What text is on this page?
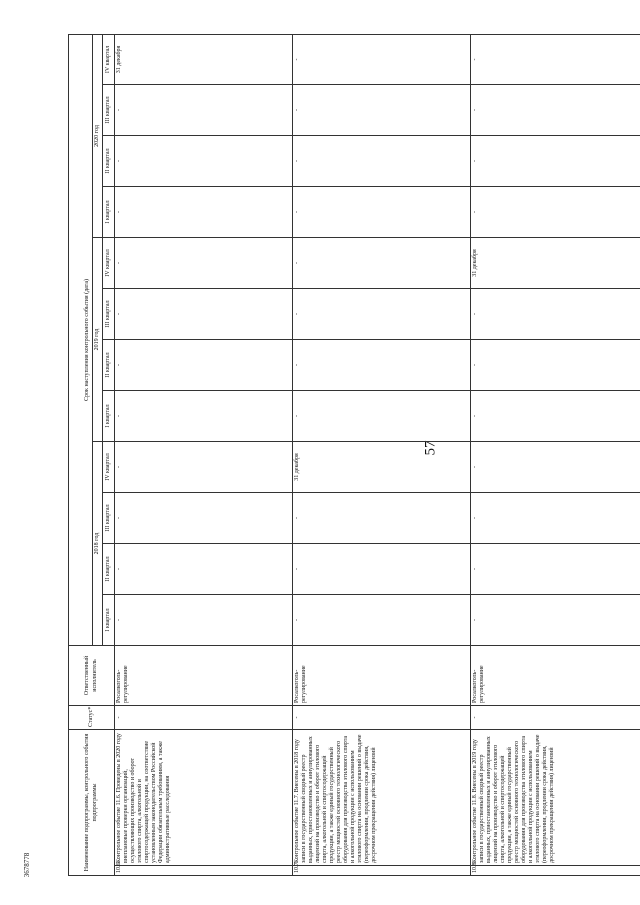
57
3678778	Наименование подпрограммы, контрольного события подпрограммы		Статус*	Ответственный исполнитель	Срок наступления контрольного события (дата)											
				2018 год				2019 год				2020 год			
				I квартал	II квартал	III квартал	IV квартал	I квартал	II квартал	III квартал	IV квартал	I квартал	II квартал	III квартал	IV квартал
10.6.	Контрольное событие 11.6. Проведены в 2020 году внеплановые проверки организаций, осуществляющих производство и оборот этилового спирта, алкогольной и спиртосодержащей продукции, на соответствие установленным законодательством Российской Федерации обязательным требованиям, а также административные расследования	-	Росалкоголь-регулирование	-	-	-	-	-	-	-	-	-	-	-	31 декабря
10.7.	Контрольное событие 11.7. Внесены в 2018 году записи в государственный сводный реестр выданных, приостановленных и аннулированных лицензий на производство и оборот этилового спирта, алкогольной и спиртосодержащей продукции, а также единый государственный реестр мощностей основного технологического оборудования для производства этилового спирта и алкогольной продукции с использованием этилового спирта на основании решений о выдаче (переоформлении, продлении срока действия, досрочном прекращении действия) лицензий	-	Росалкоголь-регулирование	-	-	-	31 декабря	-	-	-	-	-	-	-	-
10.8.	Контрольное событие 11.8. Внесены в 2019 году записи в государственный сводный реестр выданных, приостановленных и аннулированных лицензий на производство и оборот этилового спирта, алкогольной и спиртосодержащей продукции, а также единый государственный реестр мощностей основного технологического оборудования для производства этилового спирта и алкогольной продукции с использованием этилового спирта на основании решений о выдаче (переоформлении, продлении срока действия, досрочном прекращении действия) лицензий	-	Росалкоголь-регулирование	-	-	-	-	-	-	-	31 декабря	-	-	-	-
